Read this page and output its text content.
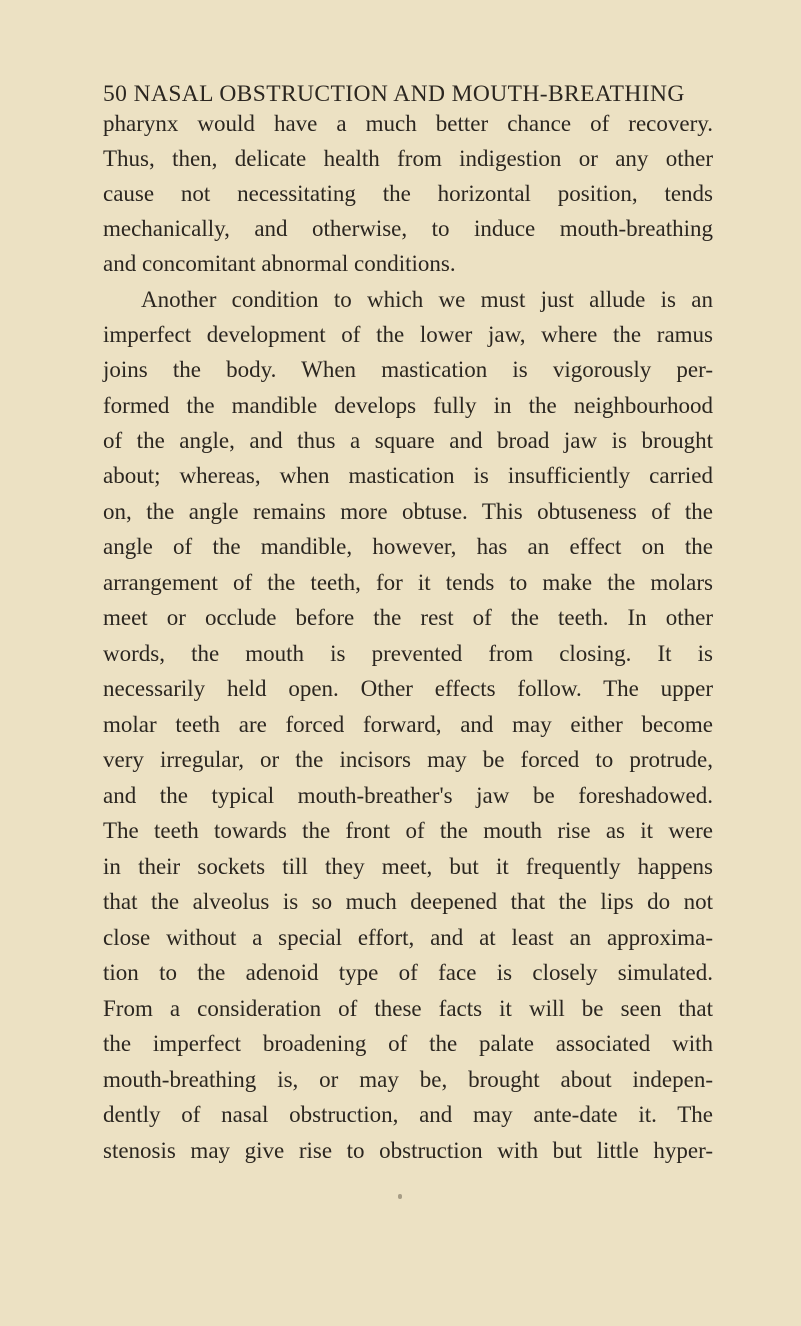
50 NASAL OBSTRUCTION AND MOUTH-BREATHING
pharynx would have a much better chance of recovery.
Thus, then, delicate health from indigestion or any other
cause not necessitating the horizontal position, tends
mechanically, and otherwise, to induce mouth-breathing
and concomitant abnormal conditions.
Another condition to which we must just allude is an
imperfect development of the lower jaw, where the ramus
joins the body. When mastication is vigorously per-
formed the mandible develops fully in the neighbourhood
of the angle, and thus a square and broad jaw is brought
about; whereas, when mastication is insufficiently carried
on, the angle remains more obtuse. This obtuseness of the
angle of the mandible, however, has an effect on the
arrangement of the teeth, for it tends to make the molars
meet or occlude before the rest of the teeth. In other
words, the mouth is prevented from closing. It is
necessarily held open. Other effects follow. The upper
molar teeth are forced forward, and may either become
very irregular, or the incisors may be forced to protrude,
and the typical mouth-breather's jaw be foreshadowed.
The teeth towards the front of the mouth rise as it were
in their sockets till they meet, but it frequently happens
that the alveolus is so much deepened that the lips do not
close without a special effort, and at least an approxima-
tion to the adenoid type of face is closely simulated.
From a consideration of these facts it will be seen that
the imperfect broadening of the palate associated with
mouth-breathing is, or may be, brought about indepen-
dently of nasal obstruction, and may ante-date it. The
stenosis may give rise to obstruction with but little hyper-
